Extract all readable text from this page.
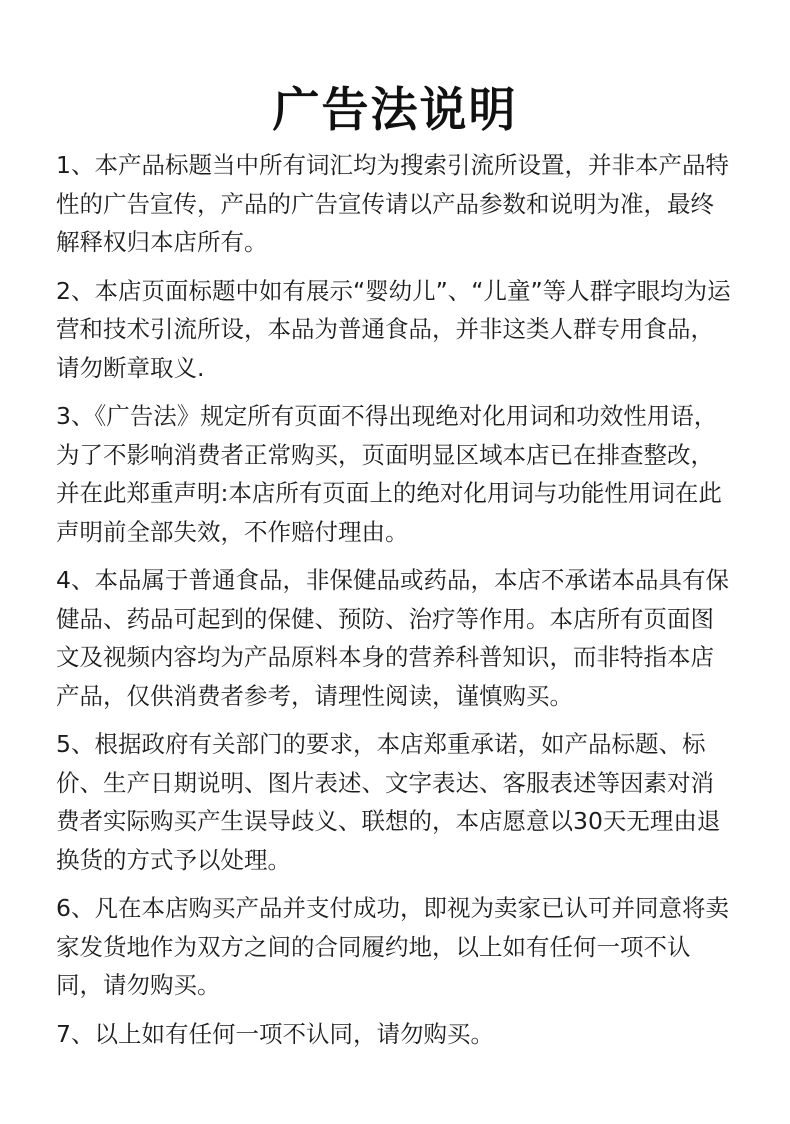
广告法说明

1、本产品标题当中所有词汇均为搜索引流所设置，并非本产品特性的广告宣传，产品的广告宣传请以产品参数和说明为准，最终解释权归本店所有。

2、本店页面标题中如有展示“婴幼儿”、“儿童”等人群字眼均为运营和技术引流所设，本品为普通食品，并非这类人群专用食品，请勿断章取义.

3、《广告法》规定所有页面不得出现绝对化用词和功效性用语，为了不影响消费者正常购买，页面明显区域本店已在排查整改，并在此郑重声明:本店所有页面上的绝对化用词与功能性用词在此声明前全部失效，不作赔付理由。

4、本品属于普通食品，非保健品或药品，本店不承诺本品具有保健品、药品可起到的保健、预防、治疗等作用。本店所有页面图文及视频内容均为产品原料本身的营养科普知识，而非特指本店产品，仅供消费者参考，请理性阅读，谨慎购买。

5、根据政府有关部门的要求，本店郑重承诺，如产品标题、标价、生产日期说明、图片表述、文字表达、客服表述等因素对消费者实际购买产生误导歧义、联想的，本店愿意以30天无理由退换货的方式予以处理。

6、凡在本店购买产品并支付成功，即视为卖家已认可并同意将卖家发货地作为双方之间的合同履约地，以上如有任何一项不认同，请勿购买。

7、以上如有任何一项不认同，请勿购买。
